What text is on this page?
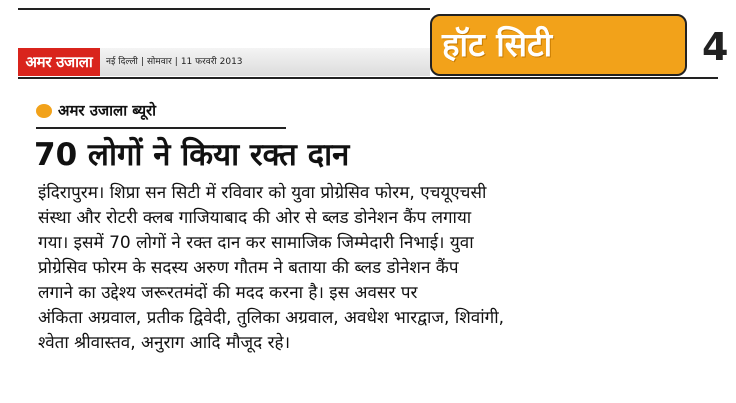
अमर उजाला	नई दिल्ली | सोमवार | 11 फरवरी 2013	हॉट सिटी	4
अमर उजाला ब्यूरो
70 लोगों ने किया रक्त दान
इंदिरापुरम। शिप्रा सन सिटी में रविवार को युवा प्रोग्रेसिव फोरम, एचयूएचसी
संस्था और रोटरी क्लब गाजियाबाद की ओर से ब्लड डोनेशन कैंप लगाया
गया। इसमें 70 लोगों ने रक्त दान कर सामाजिक जिम्मेदारी निभाई। युवा
प्रोग्रेसिव फोरम के सदस्य अरुण गौतम ने बताया की ब्लड डोनेशन कैंप
लगाने का उद्देश्य जरूरतमंदों की मदद करना है। इस अवसर पर
अंकिता अग्रवाल, प्रतीक द्विवेदी, तुलिका अग्रवाल, अवधेश भारद्वाज, शिवांगी,
श्वेता श्रीवास्तव, अनुराग आदि मौजूद रहे।
